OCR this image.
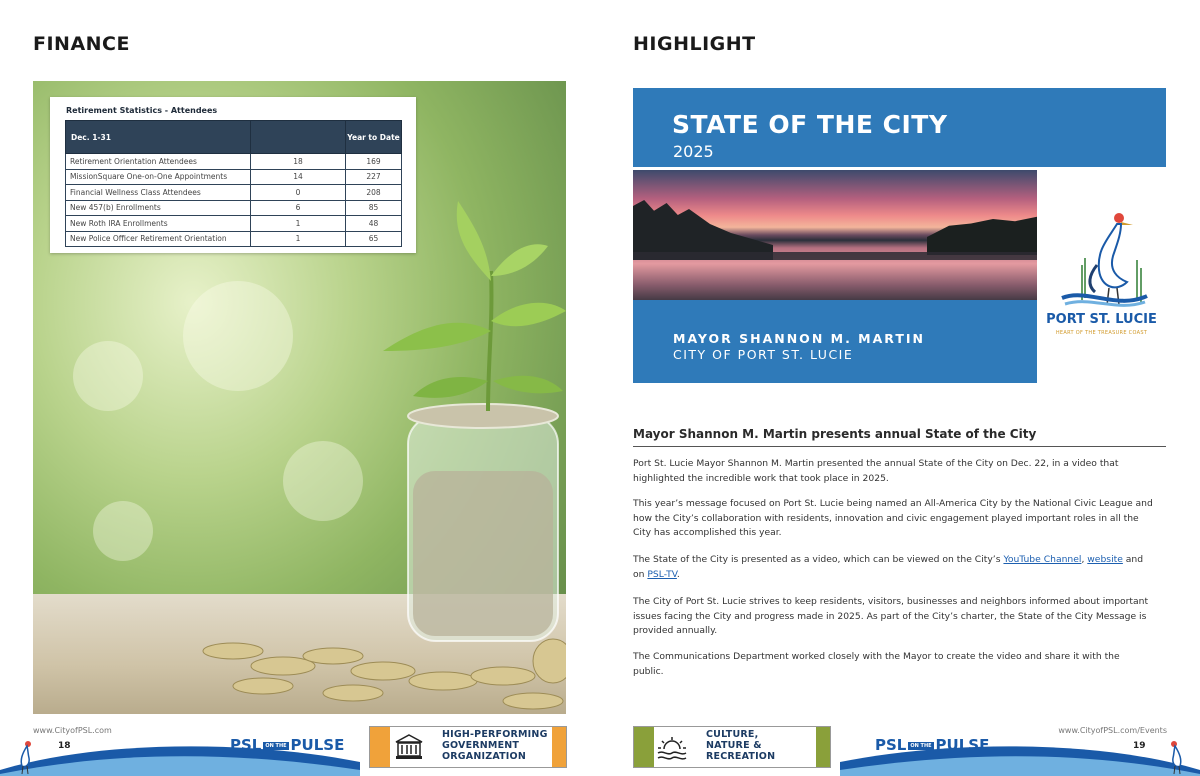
FINANCE
Retirement Statistics - Attendees
Dec. 1-31		Year to Date
Retirement Orientation Attendees	18	169
MissionSquare One-on-One Appointments	14	227
Financial Wellness Class Attendees	0	208
New 457(b) Enrollments	6	85
New Roth IRA Enrollments	1	48
New Police Officer Retirement Orientation	1	65
HIGHLIGHT
STATE OF THE CITY
2025
MAYOR SHANNON M. MARTIN
CITY OF PORT ST. LUCIE
PORT ST. LUCIE
HEART OF THE TREASURE COAST
Mayor Shannon M. Martin presents annual State of the City
Port St. Lucie Mayor Shannon M. Martin presented the annual State of the City on Dec. 22, in a video that highlighted the incredible work that took place in 2025.
This year’s message focused on Port St. Lucie being named an All-America City by the National Civic League and how the City’s collaboration with residents, innovation and civic engagement played important roles in all the City has accomplished this year.
The State of the City is presented as a video, which can be viewed on the City’s YouTube Channel, website and on PSL-TV.
The City of Port St. Lucie strives to keep residents, visitors, businesses and neighbors informed about important issues facing the City and progress made in 2025. As part of the City’s charter, the State of the City Message is provided annually.
The Communications Department worked closely with the Mayor to create the video and share it with the public.
www.CityofPSL.com
18	PSL ON THE PULSE
HIGH-PERFORMING
GOVERNMENT
ORGANIZATION
CULTURE,
NATURE &
RECREATION
PSL ON THE PULSE
www.CityofPSL.com/Events
19
